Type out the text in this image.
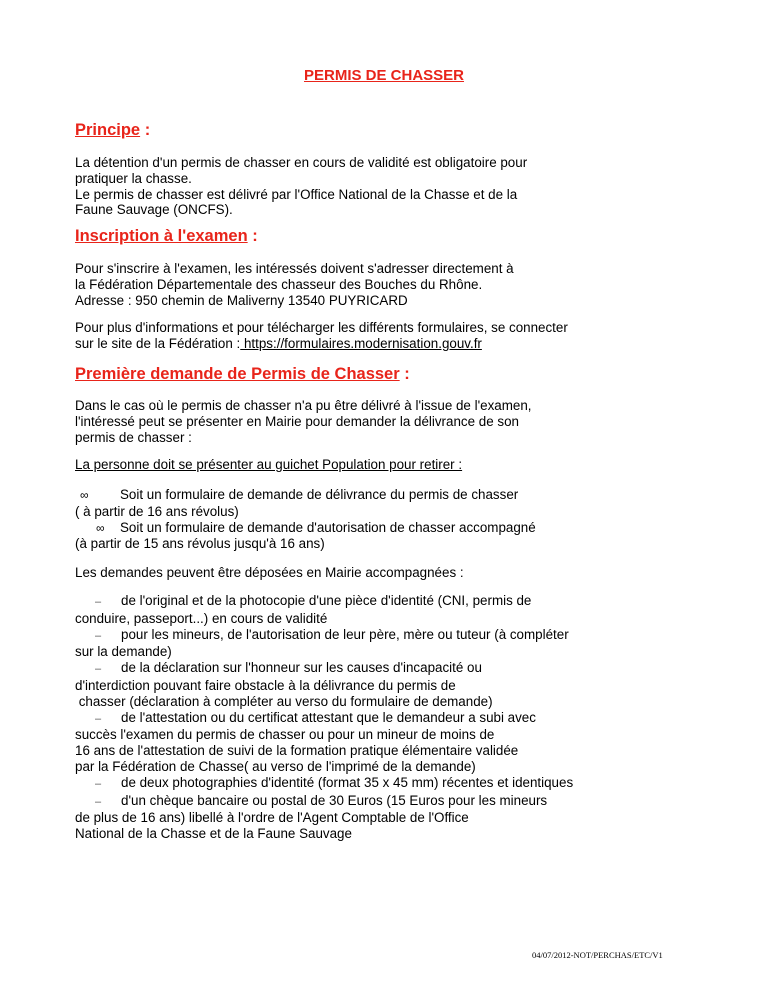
PERMIS DE CHASSER
Principe :
La détention d'un permis de chasser en cours de validité est obligatoire pour
pratiquer la chasse.
Le permis de chasser est délivré par l'Office National de la Chasse et de la
Faune Sauvage (ONCFS).
Inscription à l'examen :
Pour s'inscrire à l'examen, les intéressés doivent s'adresser directement à
la Fédération Départementale des chasseur des Bouches du Rhône.
Adresse : 950 chemin de Maliverny 13540 PUYRICARD
Pour plus d'informations et pour télécharger les différents formulaires, se connecter
sur le site de la Fédération : https://formulaires.modernisation.gouv.fr
Première demande de Permis de Chasser :
Dans le cas où le permis de chasser n'a pu être délivré à l'issue de l'examen,
l'intéressé peut se présenter en Mairie pour demander la délivrance de son
permis de chasser :
La personne doit se présenter au guichet Population pour retirer :
∞ Soit un formulaire de demande de délivrance du permis de chasser
( à partir de 16 ans révolus)
∞ Soit un formulaire de demande d'autorisation de chasser accompagné
(à partir de 15 ans révolus jusqu'à 16 ans)
Les demandes peuvent être déposées en Mairie accompagnées :
– de l'original et de la photocopie d'une pièce d'identité (CNI, permis de
conduire, passeport...) en cours de validité
– pour les mineurs, de l'autorisation de leur père, mère ou tuteur (à compléter
sur la demande)
– de la déclaration sur l'honneur sur les causes d'incapacité ou
d'interdiction pouvant faire obstacle à la délivrance du permis de
chasser (déclaration à compléter au verso du formulaire de demande)
– de l'attestation ou du certificat attestant que le demandeur a subi avec
succès l'examen du permis de chasser ou pour un mineur de moins de
16 ans de l'attestation de suivi de la formation pratique élémentaire validée
par la Fédération de Chasse( au verso de l'imprimé de la demande)
– de deux photographies d'identité (format 35 x 45 mm) récentes et identiques
– d'un chèque bancaire ou postal de 30 Euros (15 Euros pour les mineurs
de plus de 16 ans) libellé à l'ordre de l'Agent Comptable de l'Office
National de la Chasse et de la Faune Sauvage
04/07/2012-NOT/PERCHAS/ETC/V1
